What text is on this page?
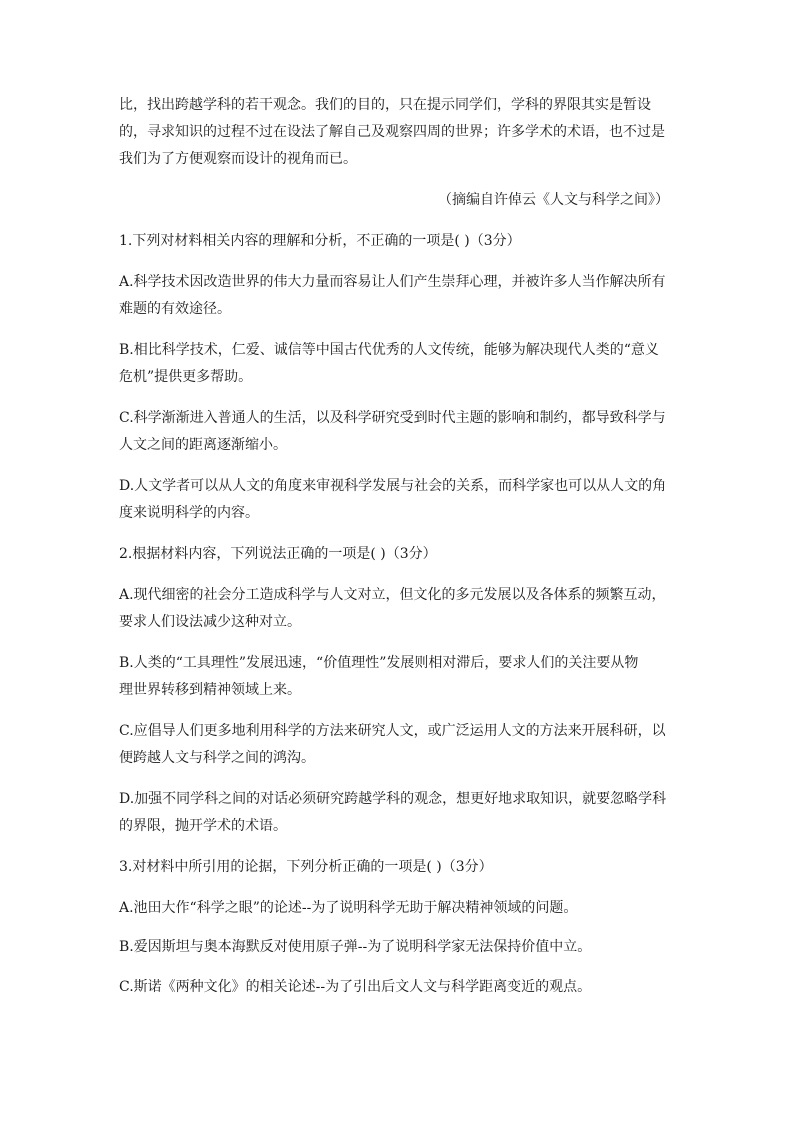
比，找出跨越学科的若干观念。我们的目的，只在提示同学们，学科的界限其实是暂设
的，寻求知识的过程不过在设法了解自己及观察四周的世界；许多学术的术语，也不过是
我们为了方便观察而设计的视角而已。
（摘编自许倬云《人文与科学之间》）
1.下列对材料相关内容的理解和分析，不正确的一项是( )（3分）
A.科学技术因改造世界的伟大力量而容易让人们产生崇拜心理，并被许多人当作解决所有
难题的有效途径。
B.相比科学技术，仁爱、诚信等中国古代优秀的人文传统，能够为解决现代人类的“意义
危机”提供更多帮助。
C.科学渐渐进入普通人的生活，以及科学研究受到时代主题的影响和制约，都导致科学与
人文之间的距离逐渐缩小。
D.人文学者可以从人文的角度来审视科学发展与社会的关系，而科学家也可以从人文的角
度来说明科学的内容。
2.根据材料内容，下列说法正确的一项是( )（3分）
A.现代细密的社会分工造成科学与人文对立，但文化的多元发展以及各体系的频繁互动，
要求人们设法减少这种对立。
B.人类的“工具理性”发展迅速，“价值理性”发展则相对滞后，要求人们的关注要从物
理世界转移到精神领域上来。
C.应倡导人们更多地利用科学的方法来研究人文，或广泛运用人文的方法来开展科研，以
便跨越人文与科学之间的鸿沟。
D.加强不同学科之间的对话必须研究跨越学科的观念，想更好地求取知识，就要忽略学科
的界限，抛开学术的术语。
3.对材料中所引用的论据，下列分析正确的一项是( )（3分）
A.池田大作“科学之眼”的论述--为了说明科学无助于解决精神领域的问题。
B.爱因斯坦与奥本海默反对使用原子弹--为了说明科学家无法保持价值中立。
C.斯诺《两种文化》的相关论述--为了引出后文人文与科学距离变近的观点。
